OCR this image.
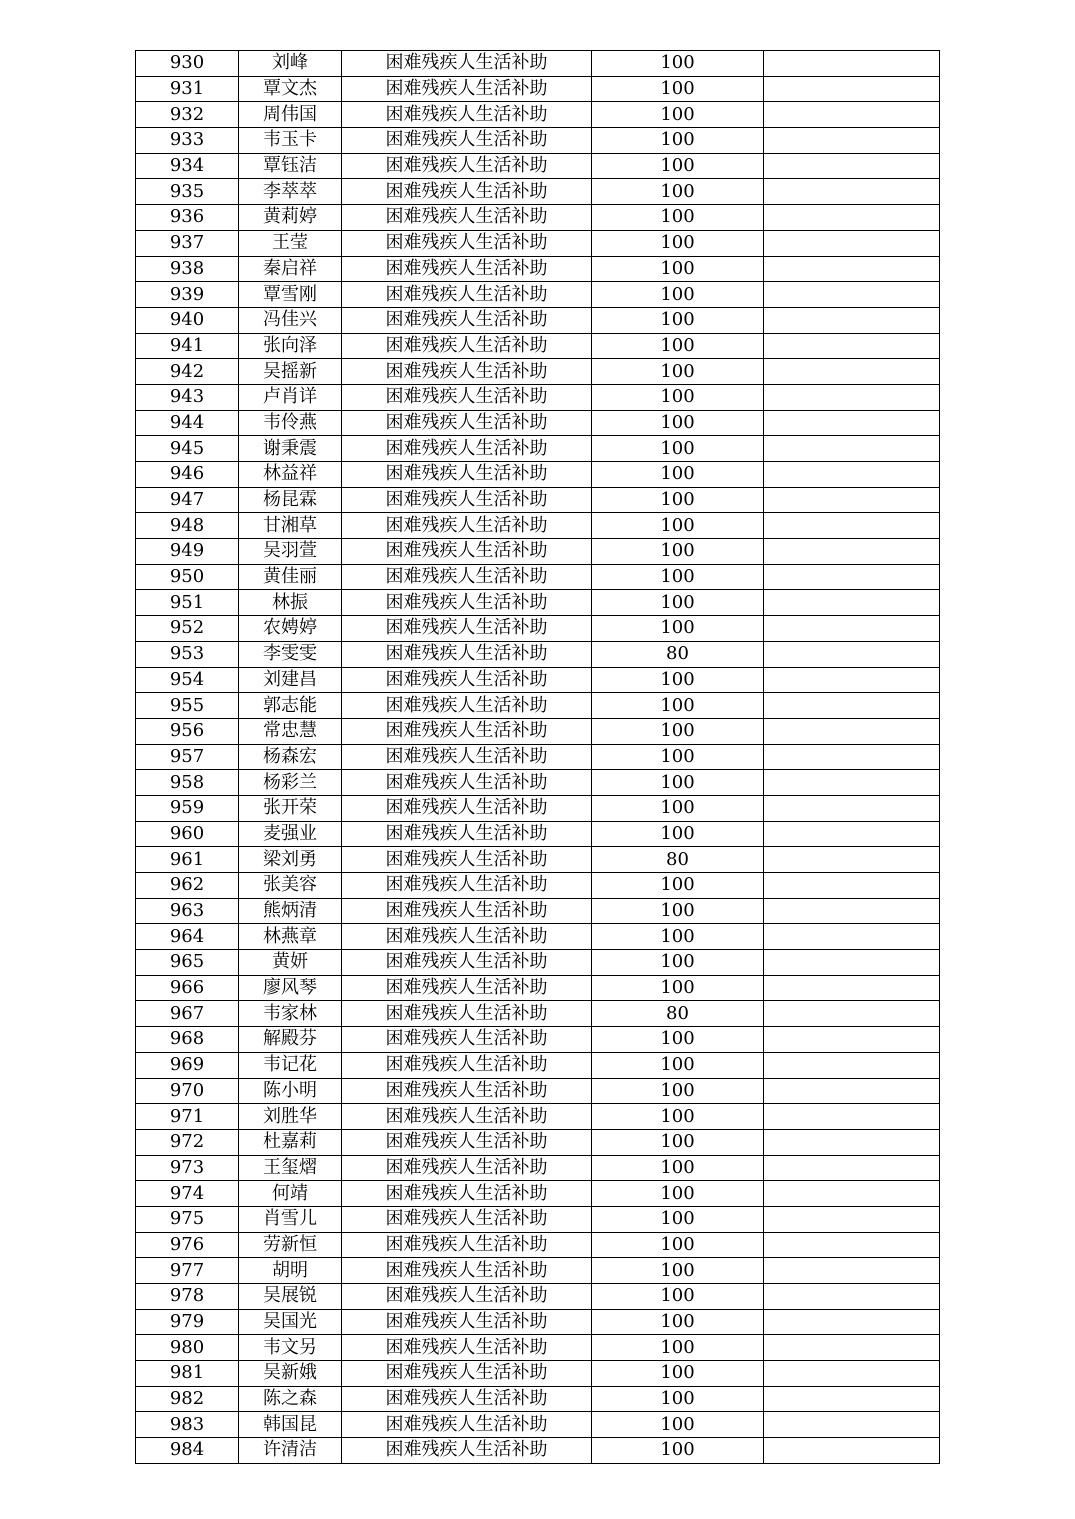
930	刘峰	困难残疾人生活补助	100	
931	覃文杰	困难残疾人生活补助	100	
932	周伟国	困难残疾人生活补助	100	
933	韦玉卡	困难残疾人生活补助	100	
934	覃钰洁	困难残疾人生活补助	100	
935	李萃萃	困难残疾人生活补助	100	
936	黄莉婷	困难残疾人生活补助	100	
937	王莹	困难残疾人生活补助	100	
938	秦启祥	困难残疾人生活补助	100	
939	覃雪刚	困难残疾人生活补助	100	
940	冯佳兴	困难残疾人生活补助	100	
941	张向泽	困难残疾人生活补助	100	
942	吴摇新	困难残疾人生活补助	100	
943	卢肖详	困难残疾人生活补助	100	
944	韦伶燕	困难残疾人生活补助	100	
945	谢秉震	困难残疾人生活补助	100	
946	林益祥	困难残疾人生活补助	100	
947	杨昆霖	困难残疾人生活补助	100	
948	甘湘草	困难残疾人生活补助	100	
949	吴羽萱	困难残疾人生活补助	100	
950	黄佳丽	困难残疾人生活补助	100	
951	林振	困难残疾人生活补助	100	
952	农娉婷	困难残疾人生活补助	100	
953	李雯雯	困难残疾人生活补助	80	
954	刘建昌	困难残疾人生活补助	100	
955	郭志能	困难残疾人生活补助	100	
956	常忠慧	困难残疾人生活补助	100	
957	杨森宏	困难残疾人生活补助	100	
958	杨彩兰	困难残疾人生活补助	100	
959	张开荣	困难残疾人生活补助	100	
960	麦强业	困难残疾人生活补助	100	
961	梁刘勇	困难残疾人生活补助	80	
962	张美容	困难残疾人生活补助	100	
963	熊炳清	困难残疾人生活补助	100	
964	林燕章	困难残疾人生活补助	100	
965	黄妍	困难残疾人生活补助	100	
966	廖风琴	困难残疾人生活补助	100	
967	韦家林	困难残疾人生活补助	80	
968	解殿芬	困难残疾人生活补助	100	
969	韦记花	困难残疾人生活补助	100	
970	陈小明	困难残疾人生活补助	100	
971	刘胜华	困难残疾人生活补助	100	
972	杜嘉莉	困难残疾人生活补助	100	
973	王玺熠	困难残疾人生活补助	100	
974	何靖	困难残疾人生活补助	100	
975	肖雪儿	困难残疾人生活补助	100	
976	劳新恒	困难残疾人生活补助	100	
977	胡明	困难残疾人生活补助	100	
978	吴展锐	困难残疾人生活补助	100	
979	吴国光	困难残疾人生活补助	100	
980	韦文另	困难残疾人生活补助	100	
981	吴新娥	困难残疾人生活补助	100	
982	陈之森	困难残疾人生活补助	100	
983	韩国昆	困难残疾人生活补助	100	
984	许清洁	困难残疾人生活补助	100	
